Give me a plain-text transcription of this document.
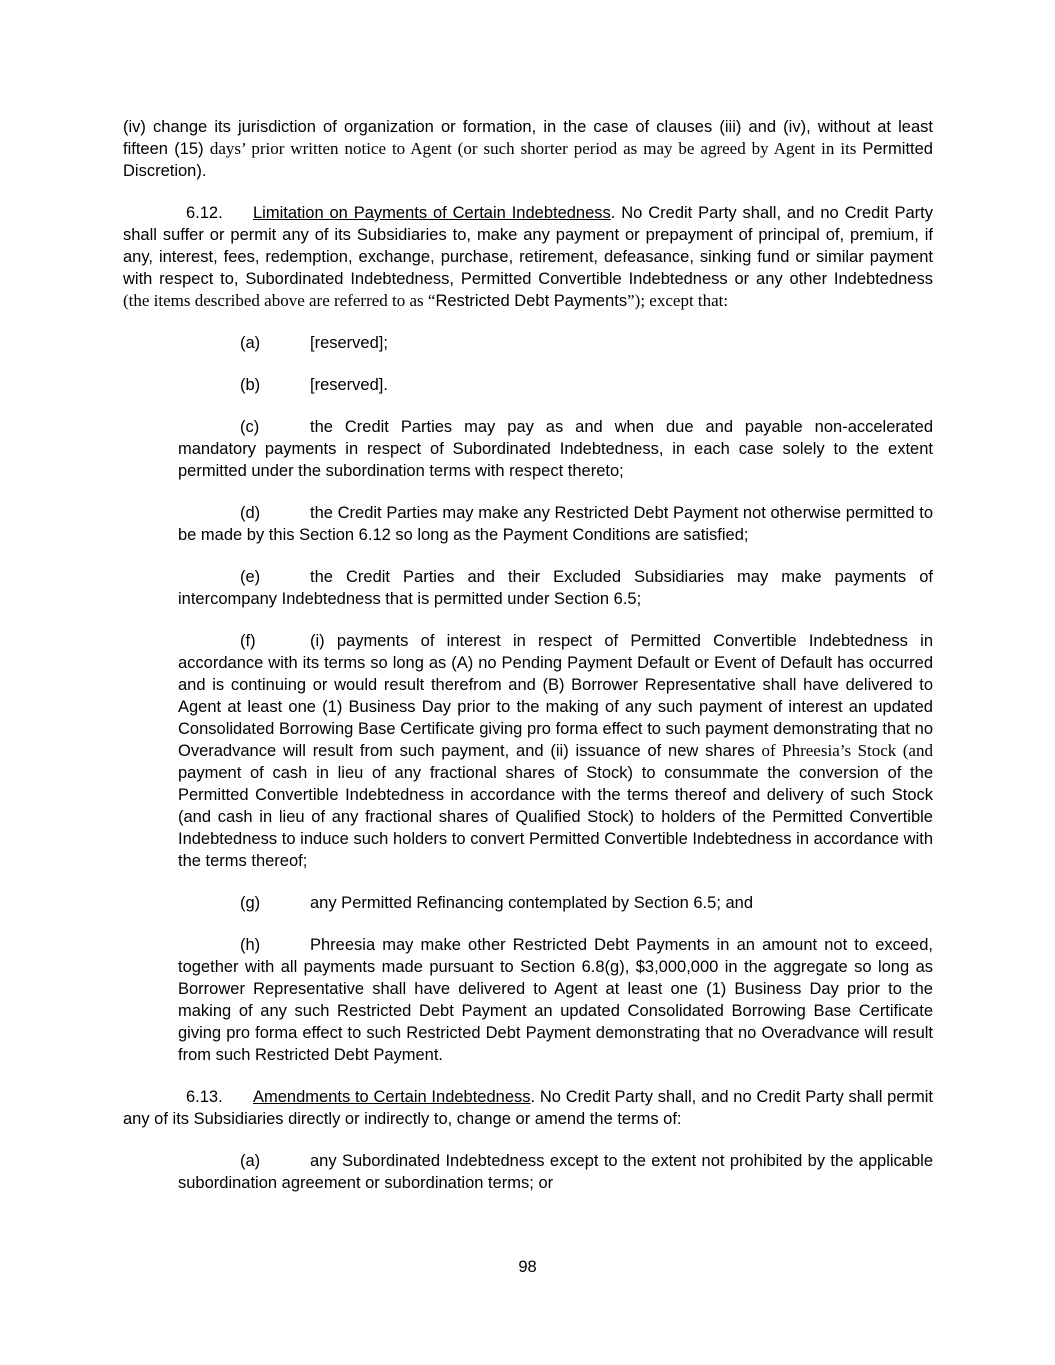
(iv) change its jurisdiction of organization or formation, in the case of clauses (iii) and (iv), without at least fifteen (15) days’ prior written notice to Agent (or such shorter period as may be agreed by Agent in its Permitted Discretion).

6.12. Limitation on Payments of Certain Indebtedness. No Credit Party shall, and no Credit Party shall suffer or permit any of its Subsidiaries to, make any payment or prepayment of principal of, premium, if any, interest, fees, redemption, exchange, purchase, retirement, defeasance, sinking fund or similar payment with respect to, Subordinated Indebtedness, Permitted Convertible Indebtedness or any other Indebtedness (the items described above are referred to as “Restricted Debt Payments”); except that:

(a)	[reserved];

(b)	[reserved].

(c)	the Credit Parties may pay as and when due and payable non-accelerated mandatory payments in respect of Subordinated Indebtedness, in each case solely to the extent permitted under the subordination terms with respect thereto;

(d)	the Credit Parties may make any Restricted Debt Payment not otherwise permitted to be made by this Section 6.12 so long as the Payment Conditions are satisfied;

(e)	the Credit Parties and their Excluded Subsidiaries may make payments of intercompany Indebtedness that is permitted under Section 6.5;

(f)	(i) payments of interest in respect of Permitted Convertible Indebtedness in accordance with its terms so long as (A) no Pending Payment Default or Event of Default has occurred and is continuing or would result therefrom and (B) Borrower Representative shall have delivered to Agent at least one (1) Business Day prior to the making of any such payment of interest an updated Consolidated Borrowing Base Certificate giving pro forma effect to such payment demonstrating that no Overadvance will result from such payment, and (ii) issuance of new shares of Phreesia’s Stock (and payment of cash in lieu of any fractional shares of Stock) to consummate the conversion of the Permitted Convertible Indebtedness in accordance with the terms thereof and delivery of such Stock (and cash in lieu of any fractional shares of Qualified Stock) to holders of the Permitted Convertible Indebtedness to induce such holders to convert Permitted Convertible Indebtedness in accordance with the terms thereof;

(g)	any Permitted Refinancing contemplated by Section 6.5; and

(h)	Phreesia may make other Restricted Debt Payments in an amount not to exceed, together with all payments made pursuant to Section 6.8(g), $3,000,000 in the aggregate so long as Borrower Representative shall have delivered to Agent at least one (1) Business Day prior to the making of any such Restricted Debt Payment an updated Consolidated Borrowing Base Certificate giving pro forma effect to such Restricted Debt Payment demonstrating that no Overadvance will result from such Restricted Debt Payment.

6.13. Amendments to Certain Indebtedness. No Credit Party shall, and no Credit Party shall permit any of its Subsidiaries directly or indirectly to, change or amend the terms of:

(a)	any Subordinated Indebtedness except to the extent not prohibited by the applicable subordination agreement or subordination terms; or

98
